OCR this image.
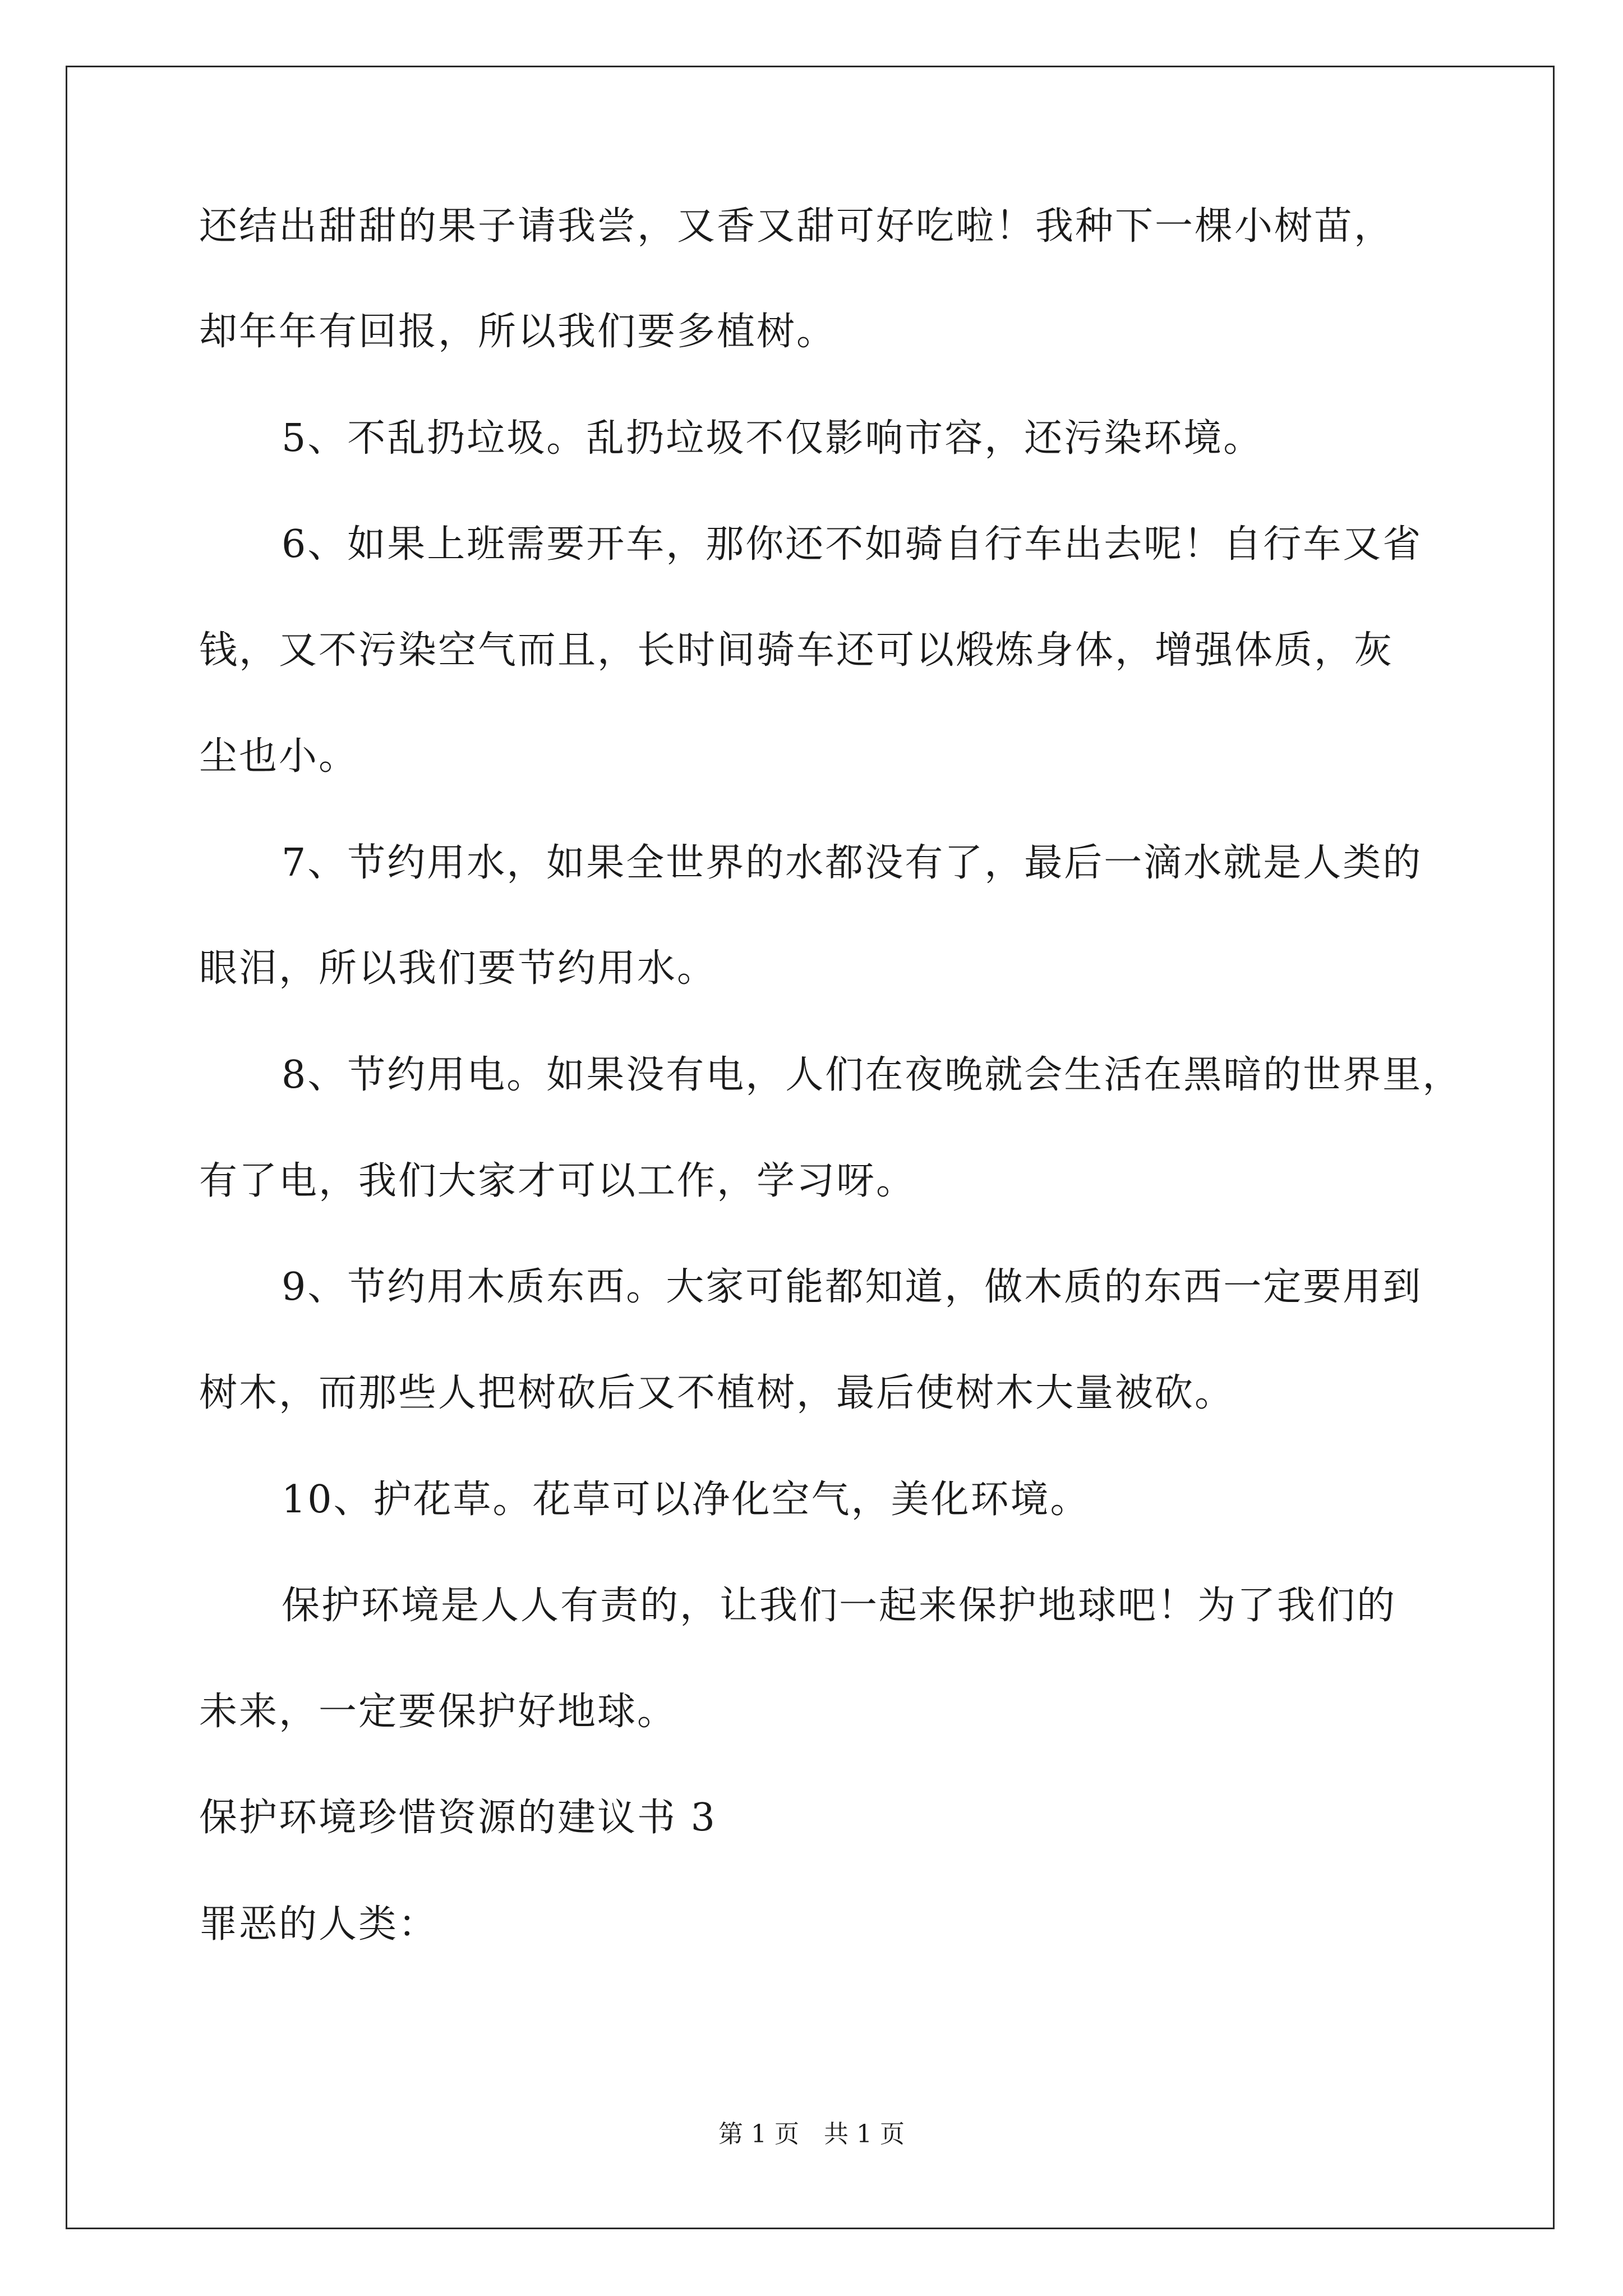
还结出甜甜的果子请我尝，又香又甜可好吃啦！我种下一棵小树苗，
却年年有回报，所以我们要多植树。
5、不乱扔垃圾。乱扔垃圾不仅影响市容，还污染环境。
6、如果上班需要开车，那你还不如骑自行车出去呢！自行车又省
钱，又不污染空气而且，长时间骑车还可以煅炼身体，增强体质，灰
尘也小。
7、节约用水，如果全世界的水都没有了，最后一滴水就是人类的
眼泪，所以我们要节约用水。
8、节约用电。如果没有电，人们在夜晚就会生活在黑暗的世界里，
有了电，我们大家才可以工作，学习呀。
9、节约用木质东西。大家可能都知道，做木质的东西一定要用到
树木，而那些人把树砍后又不植树，最后使树木大量被砍。
10、护花草。花草可以净化空气，美化环境。
保护环境是人人有责的，让我们一起来保护地球吧！为了我们的
未来，一定要保护好地球。
保护环境珍惜资源的建议书 3
罪恶的人类：
第 1 页　共 1 页
